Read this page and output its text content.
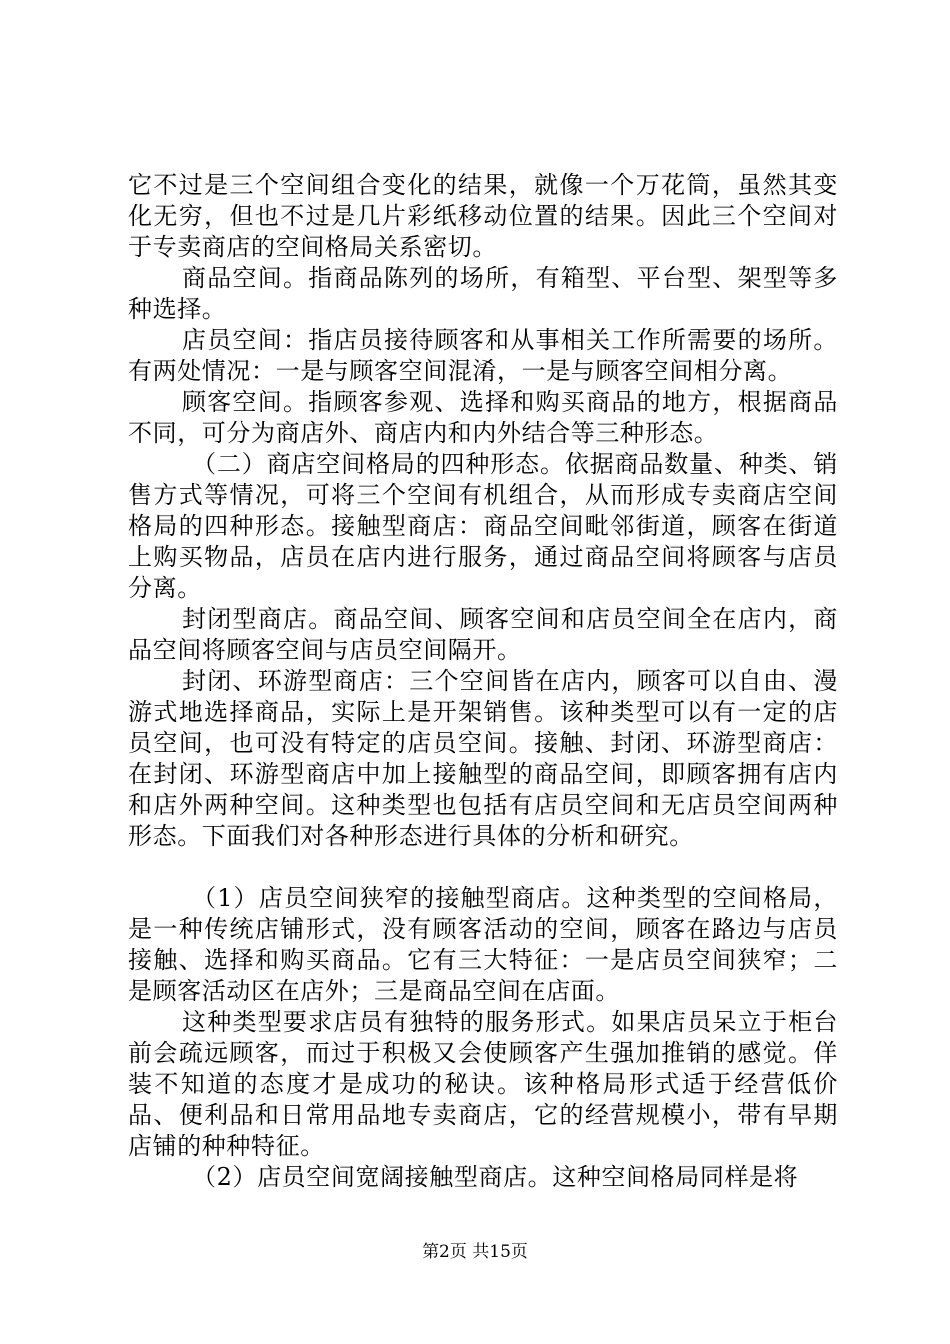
它不过是三个空间组合变化的结果，就像一个万花筒，虽然其变化无穷，但也不过是几片彩纸移动位置的结果。因此三个空间对于专卖商店的空间格局关系密切。

商品空间。指商品陈列的场所，有箱型、平台型、架型等多种选择。

店员空间：指店员接待顾客和从事相关工作所需要的场所。有两处情况：一是与顾客空间混淆，一是与顾客空间相分离。

顾客空间。指顾客参观、选择和购买商品的地方，根据商品不同，可分为商店外、商店内和内外结合等三种形态。

（二）商店空间格局的四种形态。依据商品数量、种类、销售方式等情况，可将三个空间有机组合，从而形成专卖商店空间格局的四种形态。接触型商店：商品空间毗邻街道，顾客在街道上购买物品，店员在店内进行服务，通过商品空间将顾客与店员分离。

封闭型商店。商品空间、顾客空间和店员空间全在店内，商品空间将顾客空间与店员空间隔开。

封闭、环游型商店：三个空间皆在店内，顾客可以自由、漫游式地选择商品，实际上是开架销售。该种类型可以有一定的店员空间，也可没有特定的店员空间。接触、封闭、环游型商店：在封闭、环游型商店中加上接触型的商品空间，即顾客拥有店内和店外两种空间。这种类型也包括有店员空间和无店员空间两种形态。下面我们对各种形态进行具体的分析和研究。

（1）店员空间狭窄的接触型商店。这种类型的空间格局，是一种传统店铺形式，没有顾客活动的空间，顾客在路边与店员接触、选择和购买商品。它有三大特征：一是店员空间狭窄；二是顾客活动区在店外；三是商品空间在店面。

这种类型要求店员有独特的服务形式。如果店员呆立于柜台前会疏远顾客，而过于积极又会使顾客产生强加推销的感觉。佯装不知道的态度才是成功的秘诀。该种格局形式适于经营低价品、便利品和日常用品地专卖商店，它的经营规模小，带有早期店铺的种种特征。

（2）店员空间宽阔接触型商店。这种空间格局同样是将

第2页 共15页
